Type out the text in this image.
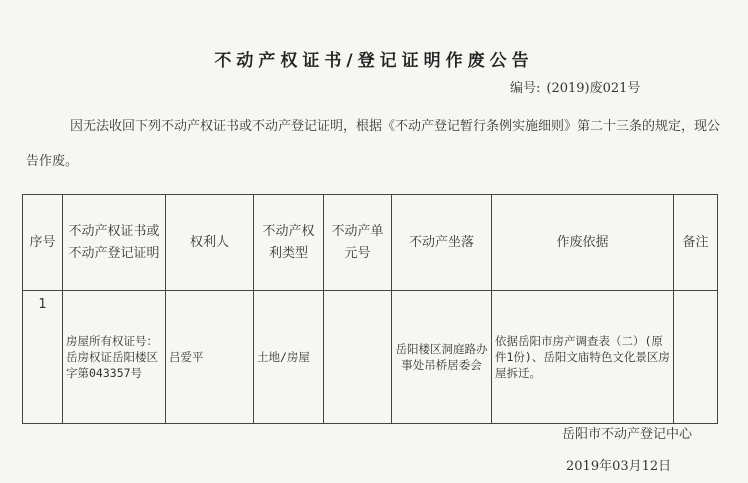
不动产权证书/登记证明作废公告
编号: (2019)废021号
因无法收回下列不动产权证书或不动产登记证明，根据《不动产登记暂行条例实施细则》第二十三条的规定，现公告作废。
序号	不动产权证书或不动产登记证明	权利人	不动产权利类型	不动产单元号	不动产坐落	作废依据	备注
1	房屋所有权证号：岳房权证岳阳楼区字第043357号	吕爱平	土地/房屋		岳阳楼区洞庭路办事处吊桥居委会	依据岳阳市房产调查表（二）(原件1份)、岳阳文庙特色文化景区房屋拆迁。	
岳阳市不动产登记中心
2019年03月12日
